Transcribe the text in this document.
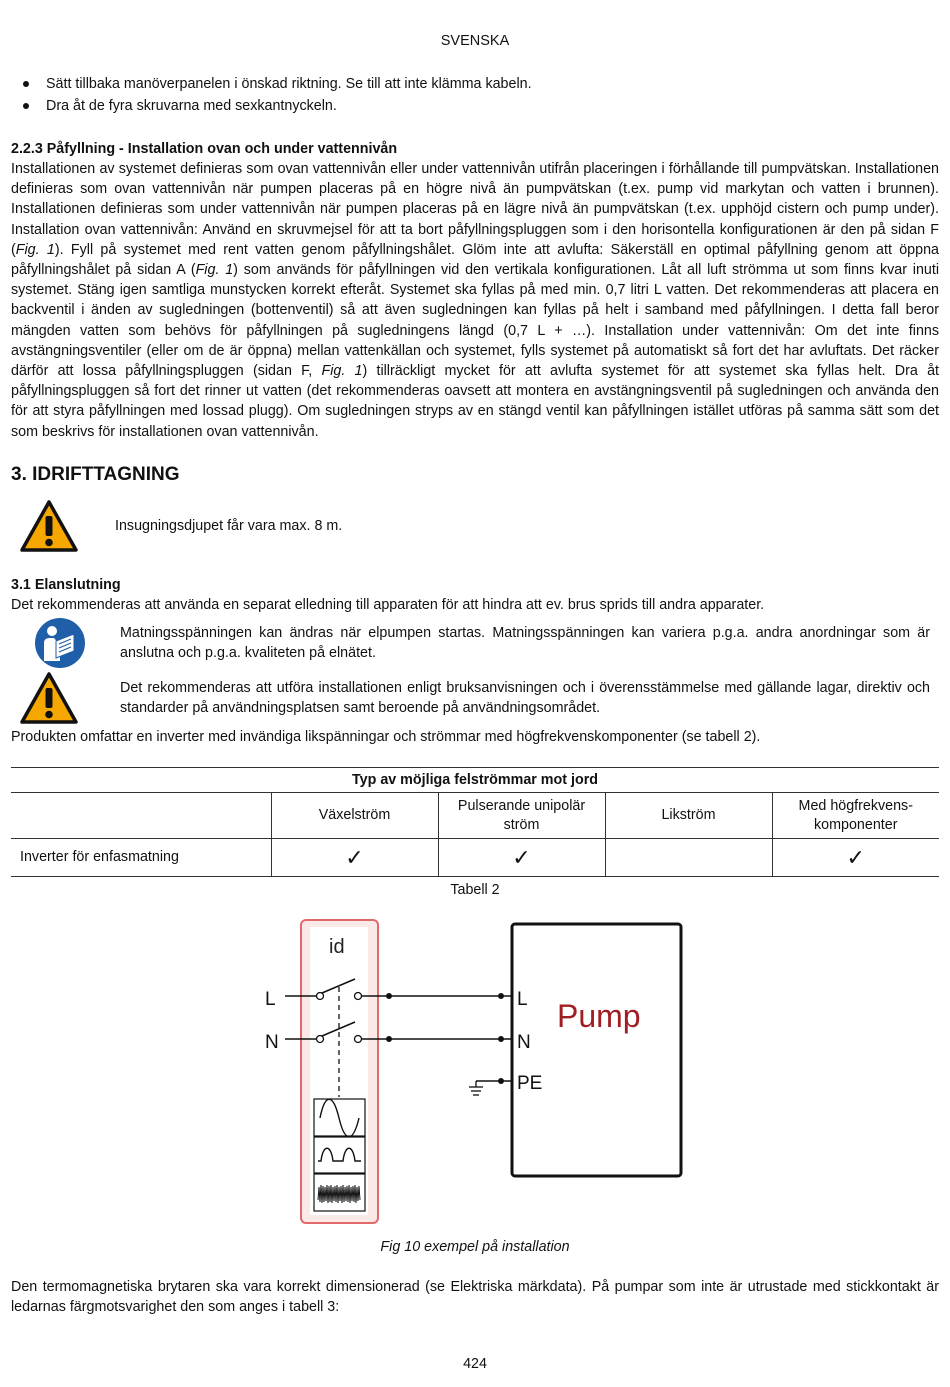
SVENSKA
Sätt tillbaka manöverpanelen i önskad riktning. Se till att inte klämma kabeln.
Dra åt de fyra skruvarna med sexkantnyckeln.
2.2.3 Påfyllning - Installation ovan och under vattennivån
Installationen av systemet definieras som ovan vattennivån eller under vattennivån utifrån placeringen i förhållande till pumpvätskan. Installationen definieras som ovan vattennivån när pumpen placeras på en högre nivå än pumpvätskan (t.ex. pump vid markytan och vatten i brunnen). Installationen definieras som under vattennivån när pumpen placeras på en lägre nivå än pumpvätskan (t.ex. upphöjd cistern och pump under). Installation ovan vattennivån: Använd en skruvmejsel för att ta bort påfyllningspluggen som i den horisontella konfigurationen är den på sidan F (Fig. 1). Fyll på systemet med rent vatten genom påfyllningshålet. Glöm inte att avlufta: Säkerställ en optimal påfyllning genom att öppna påfyllningshålet på sidan A (Fig. 1) som används för påfyllningen vid den vertikala konfigurationen. Låt all luft strömma ut som finns kvar inuti systemet. Stäng igen samtliga munstycken korrekt efteråt. Systemet ska fyllas på med min. 0,7 litri L vatten. Det rekommenderas att placera en backventil i änden av sugledningen (bottenventil) så att även sugledningen kan fyllas på helt i samband med påfyllningen. I detta fall beror mängden vatten som behövs för påfyllningen på sugledningens längd (0,7 L + …). Installation under vattennivån: Om det inte finns avstängningsventiler (eller om de är öppna) mellan vattenkällan och systemet, fylls systemet på automatiskt så fort det har avluftats. Det räcker därför att lossa påfyllningspluggen (sidan F, Fig. 1) tillräckligt mycket för att avlufta systemet för att systemet ska fyllas helt. Dra åt påfyllningspluggen så fort det rinner ut vatten (det rekommenderas oavsett att montera en avstängningsventil på sugledningen och använda den för att styra påfyllningen med lossad plugg). Om sugledningen stryps av en stängd ventil kan påfyllningen istället utföras på samma sätt som det som beskrivs för installationen ovan vattennivån.
3. IDRIFTTAGNING
Insugningsdjupet får vara max. 8 m.
3.1 Elanslutning
Det rekommenderas att använda en separat elledning till apparaten för att hindra att ev. brus sprids till andra apparater.
Matningsspänningen kan ändras när elpumpen startas. Matningsspänningen kan variera p.g.a. andra anordningar som är anslutna och p.g.a. kvaliteten på elnätet.
Det rekommenderas att utföra installationen enligt bruksanvisningen och i överensstämmelse med gällande lagar, direktiv och standarder på användningsplatsen samt beroende på användningsområdet.
Produkten omfattar en inverter med invändiga likspänningar och strömmar med högfrekvenskomponenter (se tabell 2).
Typ av möjliga felströmmar mot jord				
	Växelström	Pulserande unipolär ström	Likström	Med högfrekvens-komponenter
Inverter för enfasmatning	✓	✓		✓
Tabell 2
id
L
N
L
N
PE
Pump
Fig 10 exempel på installation
Den termomagnetiska brytaren ska vara korrekt dimensionerad (se Elektriska märkdata). På pumpar som inte är utrustade med stickkontakt är ledarnas färgmotsvarighet den som anges i tabell 3:
424
